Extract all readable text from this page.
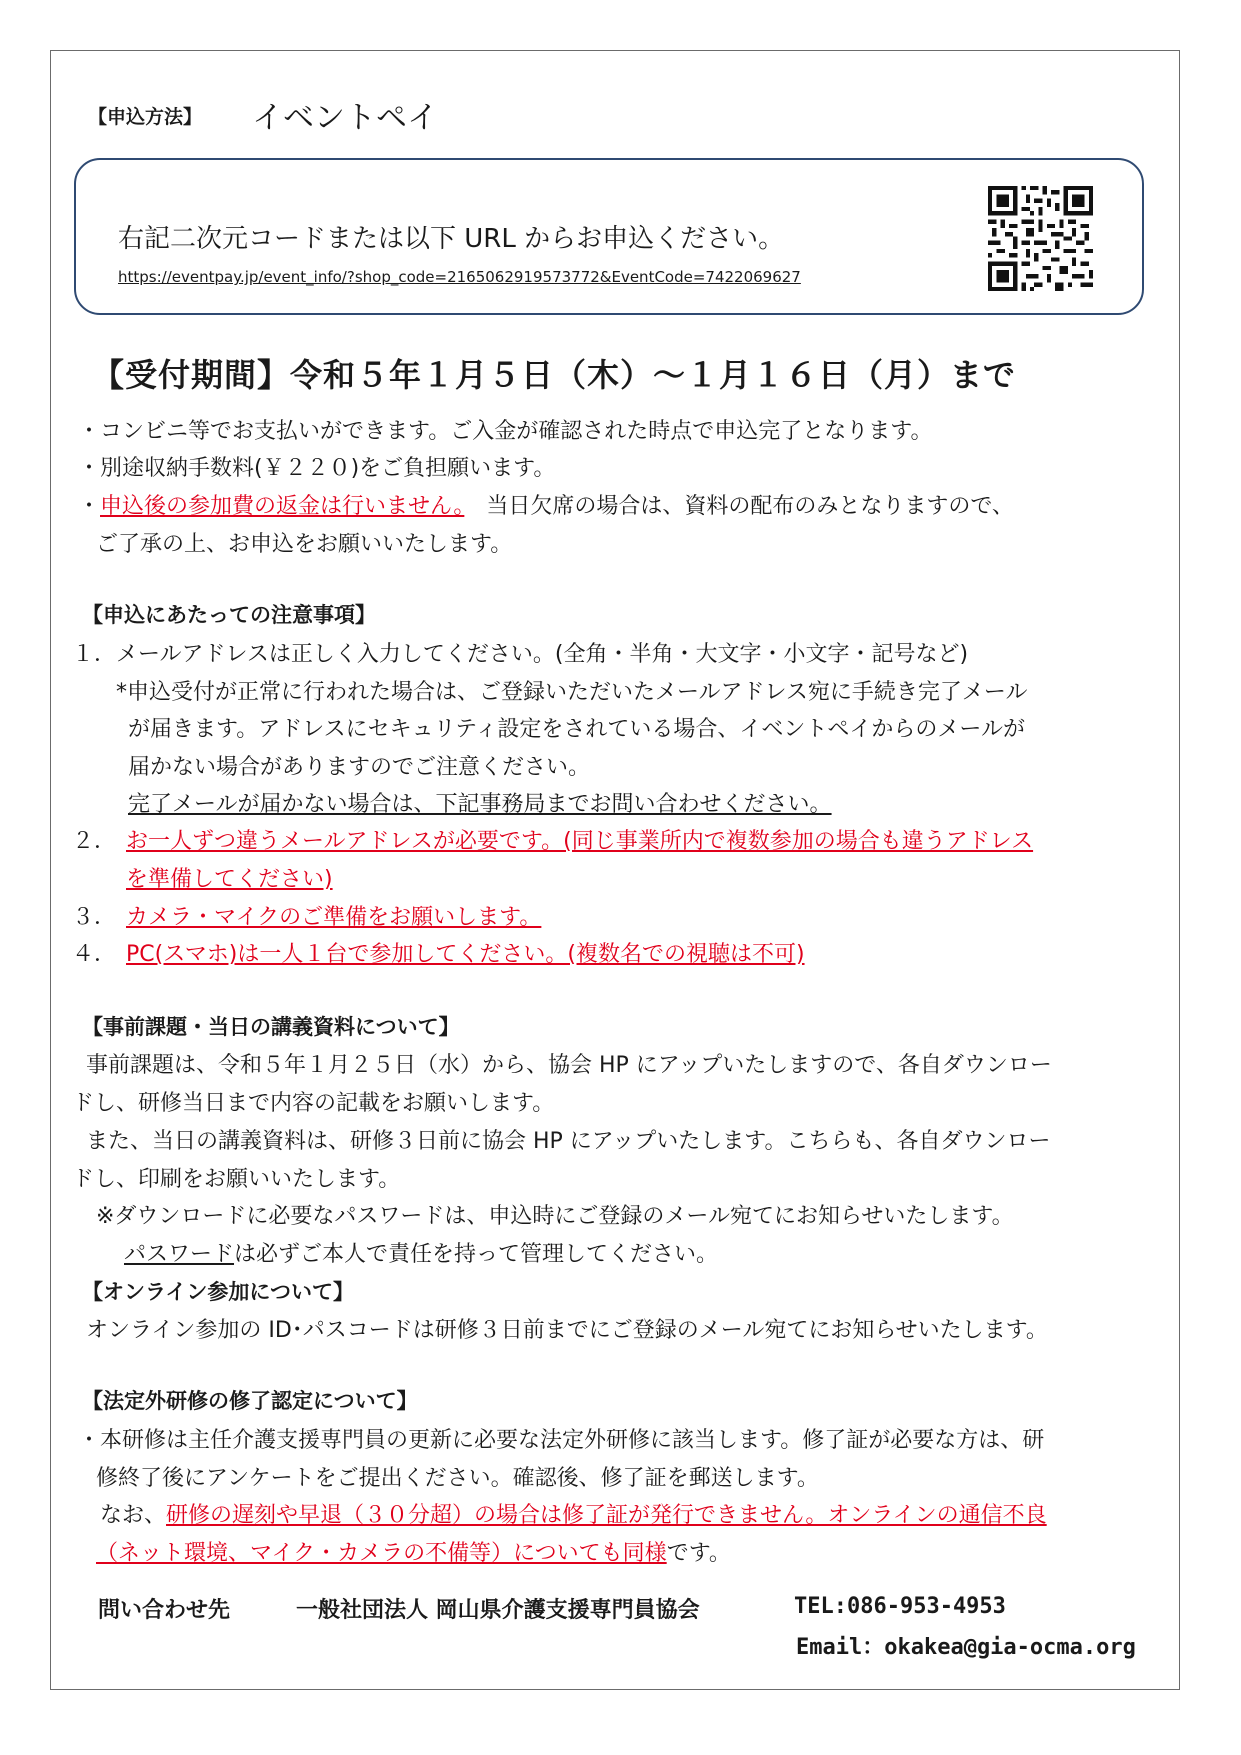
【申込方法】 イベントペイ
右記二次元コードまたは以下 URL からお申込ください。
https://eventpay.jp/event_info/?shop_code=2165062919573772&EventCode=7422069627
【受付期間】令和５年１月５日（木）～１月１６日（月）まで
・コンビニ等でお支払いができます。ご入金が確認された時点で申込完了となります。
・別途収納手数料(￥２２０)をご負担願います。
・申込後の参加費の返金は行いません。　当日欠席の場合は、資料の配布のみとなりますので、
ご了承の上、お申込をお願いいたします。
【申込にあたっての注意事項】
１．メールアドレスは正しく入力してください。(全角・半角・大文字・小文字・記号など)
*申込受付が正常に行われた場合は、ご登録いただいたメールアドレス宛に手続き完了メール
が届きます。アドレスにセキュリティ設定をされている場合、イベントペイからのメールが
届かない場合がありますのでご注意ください。
完了メールが届かない場合は、下記事務局までお問い合わせください。
２． お一人ずつ違うメールアドレスが必要です。(同じ事業所内で複数参加の場合も違うアドレス
を準備してください)
３． カメラ・マイクのご準備をお願いします。
４． PC(スマホ)は一人１台で参加してください。(複数名での視聴は不可)
【事前課題・当日の講義資料について】
事前課題は、令和５年１月２５日（水）から、協会 HP にアップいたしますので、各自ダウンロー
ドし、研修当日まで内容の記載をお願いします。
また、当日の講義資料は、研修３日前に協会 HP にアップいたします。こちらも、各自ダウンロー
ドし、印刷をお願いいたします。
※ダウンロードに必要なパスワードは、申込時にご登録のメール宛てにお知らせいたします。
パスワードは必ずご本人で責任を持って管理してください。
【オンライン参加について】
オンライン参加の ID･パスコードは研修３日前までにご登録のメール宛てにお知らせいたします。
【法定外研修の修了認定について】
・本研修は主任介護支援専門員の更新に必要な法定外研修に該当します。修了証が必要な方は、研
修終了後にアンケートをご提出ください。確認後、修了証を郵送します。
なお、研修の遅刻や早退（３０分超）の場合は修了証が発行できません。オンラインの通信不良
（ネット環境、マイク・カメラの不備等）についても同様です。
問い合わせ先	一般社団法人 岡山県介護支援専門員協会	TEL:086-953-4953
Email：okakea@gia-ocma.org
